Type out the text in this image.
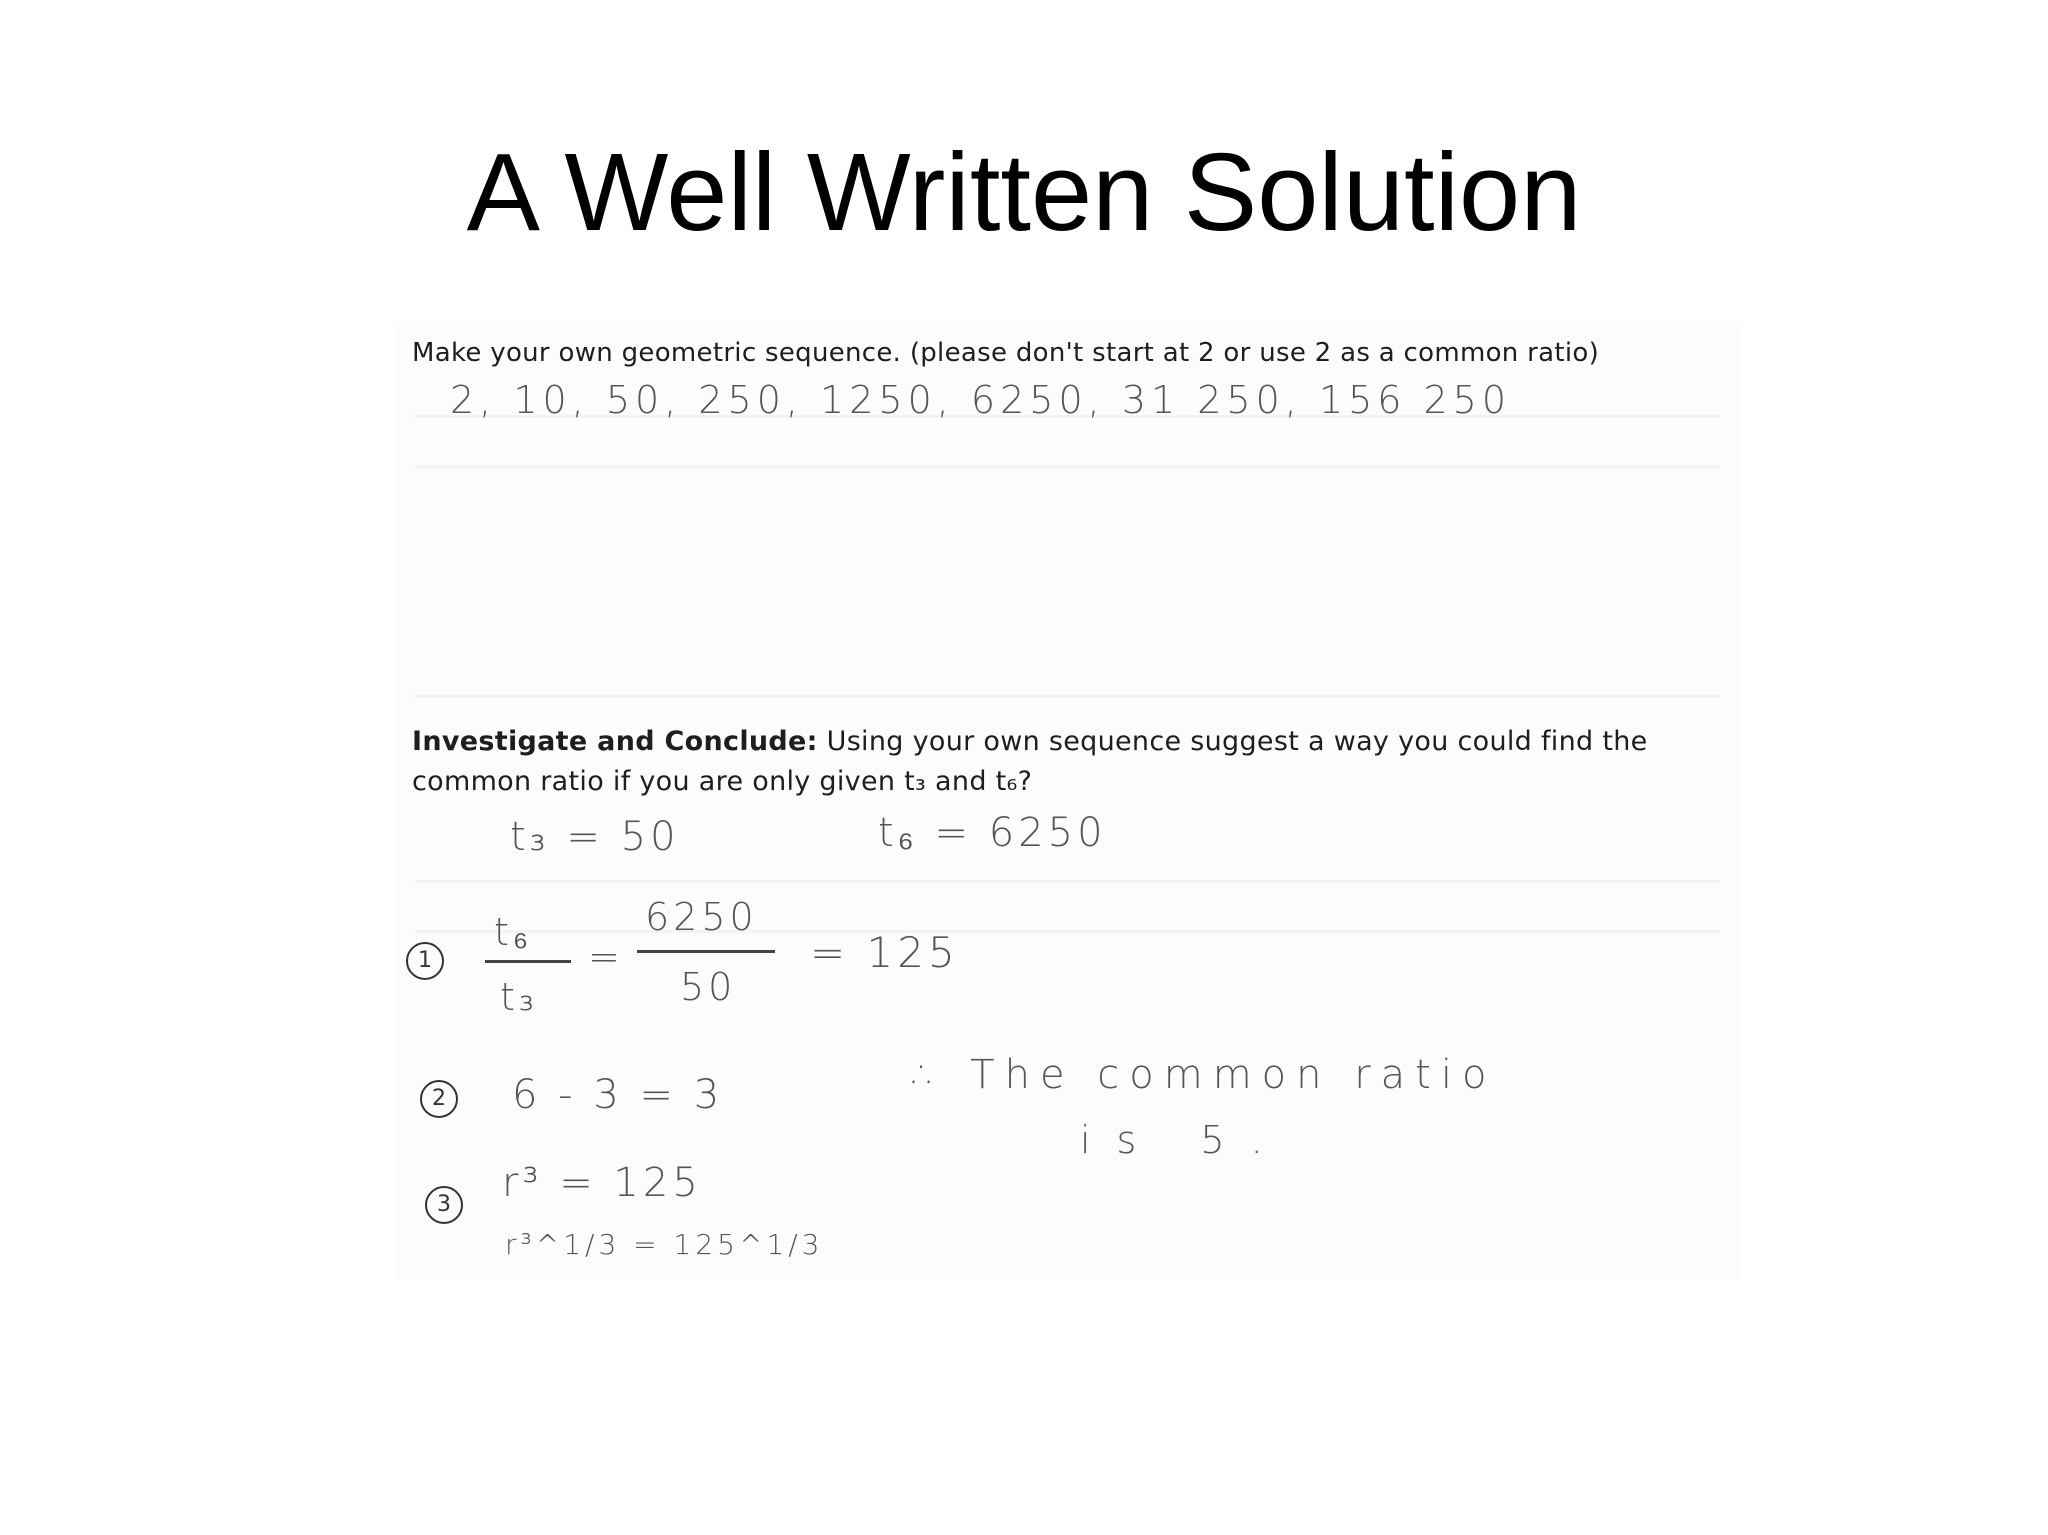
A Well Written Solution
Make your own geometric sequence. (please don't start at 2 or use 2 as a common ratio)
2, 10, 50, 250, 1250, 6250, 31 250, 156 250
Investigate and Conclude: Using your own sequence suggest a way you could find the
common ratio if you are only given t₃ and t₆?
t₃ = 50	t₆ = 6250
1
t₆
t₃
=
6250
50
= 125
2	6 - 3 = 3	∴ The common ratio
is 5.
3	r³ = 125
r³^1/3 = 125^1/3
